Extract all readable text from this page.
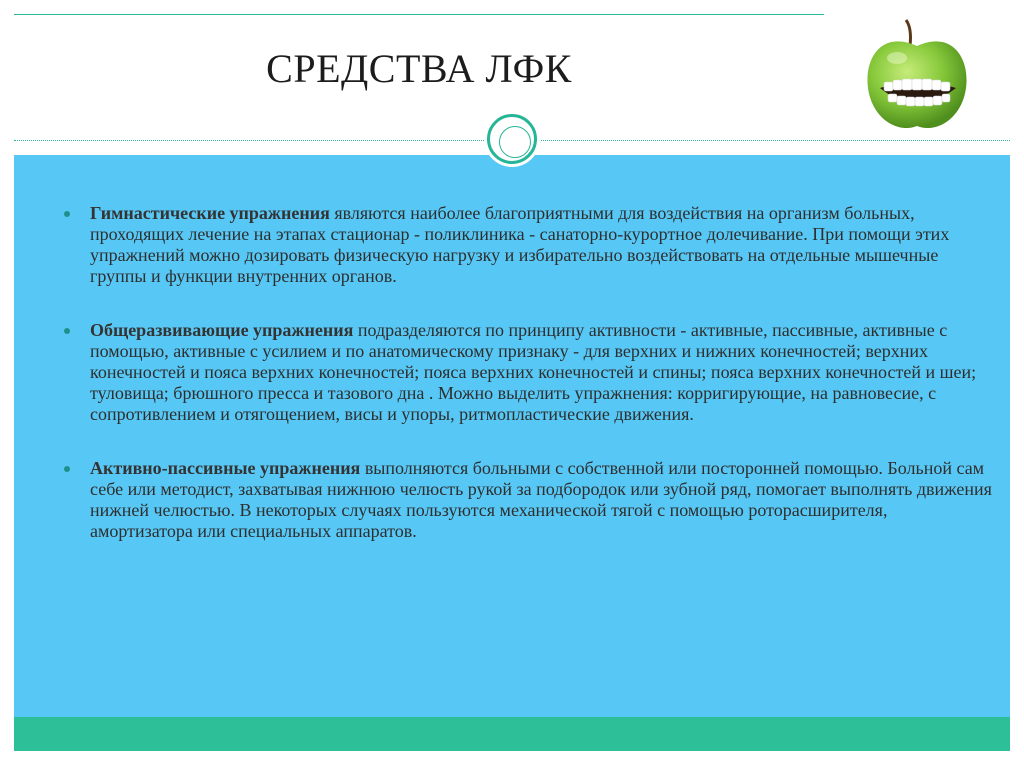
СРЕДСТВА ЛФК
Гимнастические упражнения являются наиболее благоприятными для воздействия на организм больных, проходящих лечение на этапах стационар - поликлиника - санаторно-курортное долечивание. При помощи этих упражнений можно дозировать физическую нагрузку и избирательно воздействовать на отдельные мышечные группы и функции внутренних органов.
Общеразвивающие упражнения подразделяются по принципу активности - активные, пассивные, активные с помощью, активные с усилием и по анатомическому признаку - для верхних и нижних конечностей; верхних конечностей и пояса верхних конечностей; пояса верхних конечностей и спины; пояса верхних конечностей и шеи; туловища; брюшного пресса и тазового дна . Можно выделить упражнения: корригирующие, на равновесие, с сопротивлением и отягощением, висы и упоры, ритмопластические движения.
Активно-пассивные упражнения выполняются больными с собственной или посторонней помощью. Больной сам себе или методист, захватывая нижнюю челюсть рукой за подбородок или зубной ряд, помогает выполнять движения нижней челюстью. В некоторых случаях пользуются механической тягой с помощью роторасширителя, амортизатора или специальных аппаратов.
